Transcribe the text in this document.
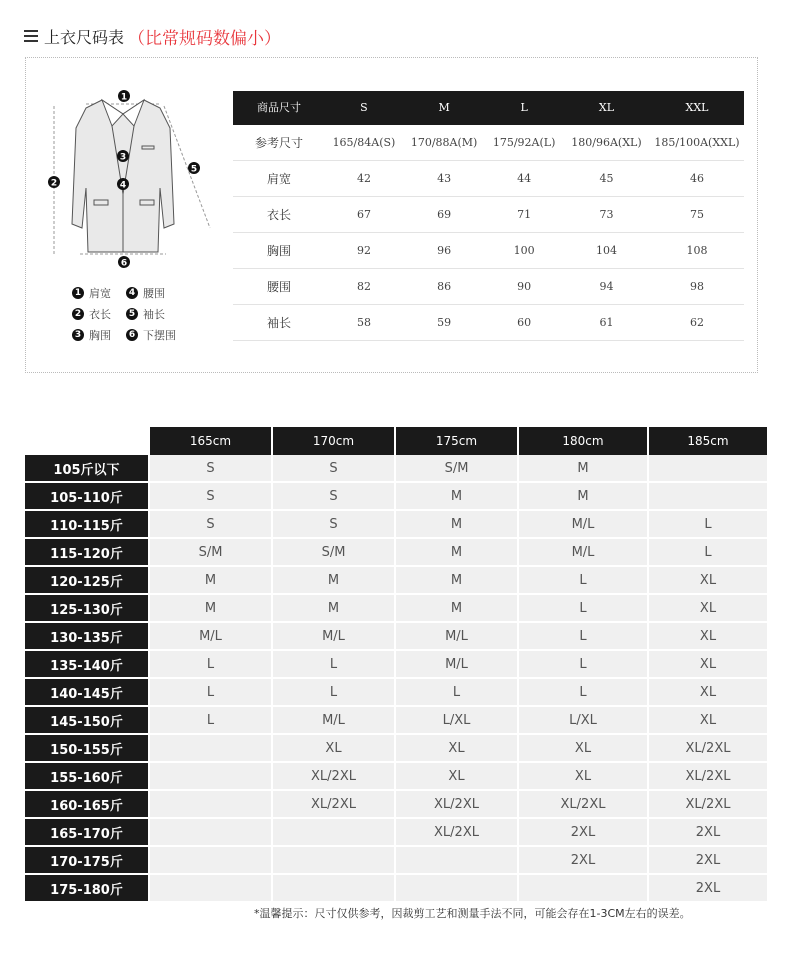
上衣尺码表 （比常规码数偏小）
1
2
3
4
5
6
1 肩宽	4 腰围
2 衣长	5 袖长
3 胸围	6 下摆围
商品尺寸	S	M	L	XL	XXL
参考尺寸	165/84A(S)	170/88A(M)	175/92A(L)	180/96A(XL)	185/100A(XXL)
肩宽	42	43	44	45	46
衣长	67	69	71	73	75
胸围	92	96	100	104	108
腰围	82	86	90	94	98
袖长	58	59	60	61	62
	165cm	170cm	175cm	180cm	185cm
105斤以下	S	S	S/M	M	
105-110斤	S	S	M	M	
110-115斤	S	S	M	M/L	L
115-120斤	S/M	S/M	M	M/L	L
120-125斤	M	M	M	L	XL
125-130斤	M	M	M	L	XL
130-135斤	M/L	M/L	M/L	L	XL
135-140斤	L	L	M/L	L	XL
140-145斤	L	L	L	L	XL
145-150斤	L	M/L	L/XL	L/XL	XL
150-155斤		XL	XL	XL	XL/2XL
155-160斤		XL/2XL	XL	XL	XL/2XL
160-165斤		XL/2XL	XL/2XL	XL/2XL	XL/2XL
165-170斤			XL/2XL	2XL	2XL
170-175斤				2XL	2XL
175-180斤					2XL
*温馨提示：尺寸仅供参考，因裁剪工艺和测量手法不同，可能会存在1-3CM左右的误差。
